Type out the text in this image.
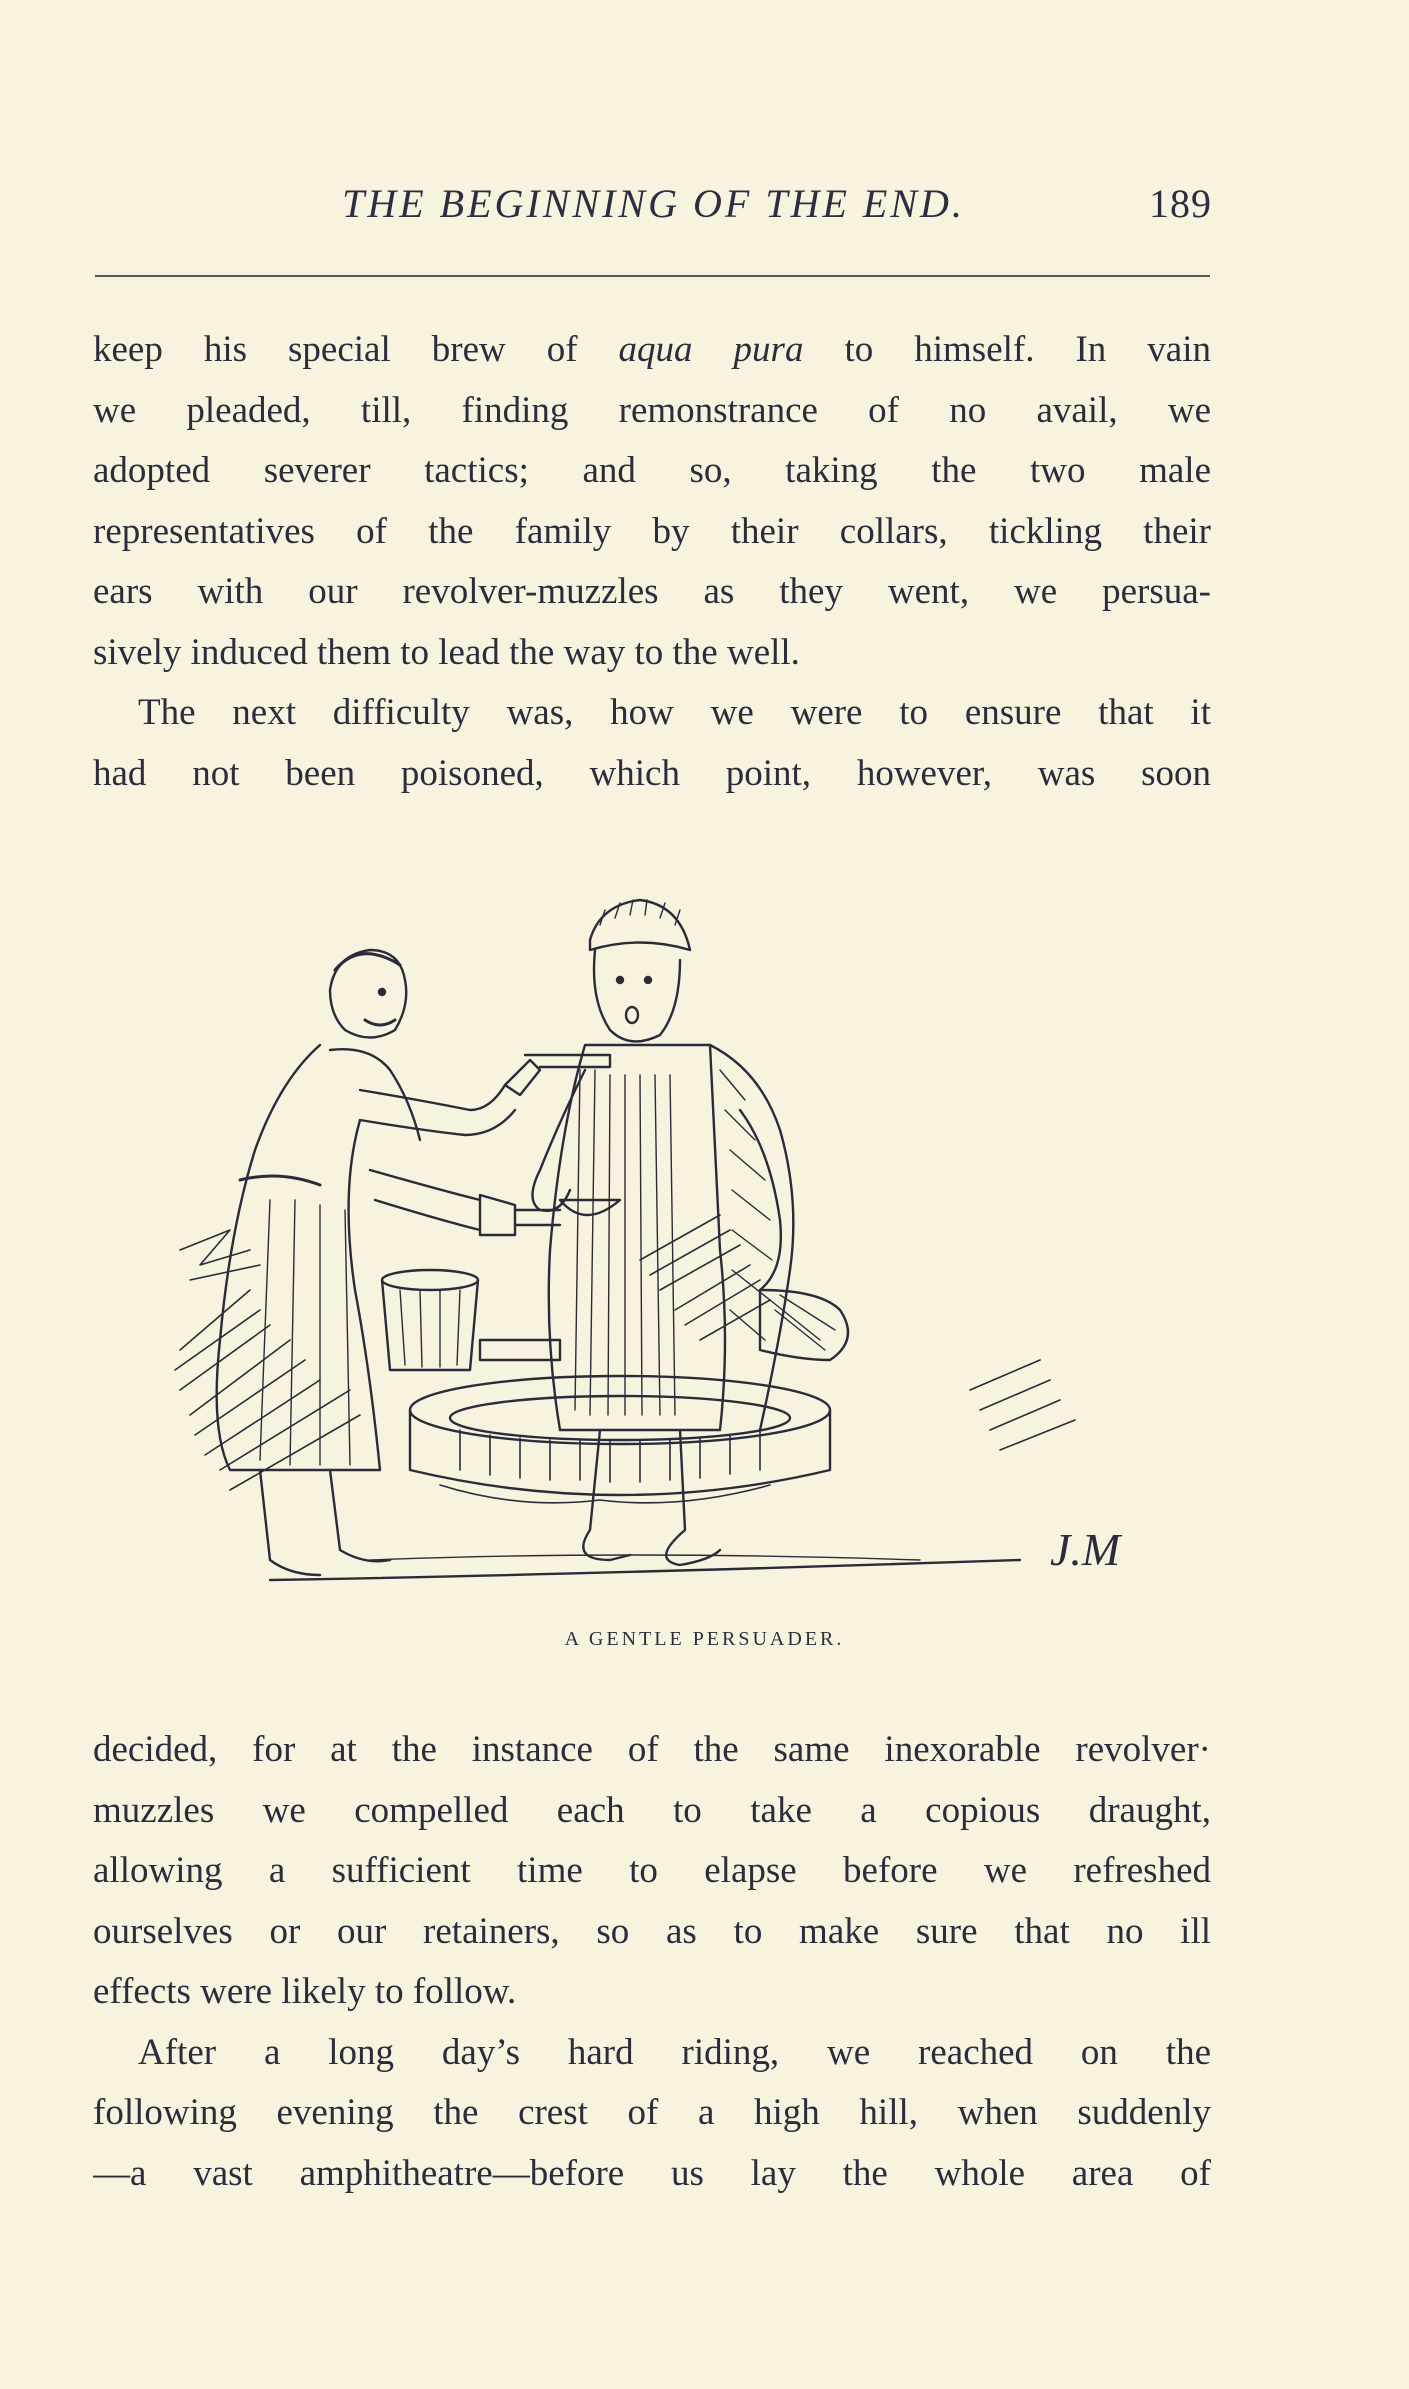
THE BEGINNING OF THE END.	189
keep his special brew of aqua pura to himself. In vain
we pleaded, till, finding remonstrance of no avail, we
adopted severer tactics; and so, taking the two male
representatives of the family by their collars, tickling their
ears with our revolver-muzzles as they went, we persua-
sively induced them to lead the way to the well.
The next difficulty was, how we were to ensure that it
had not been poisoned, which point, however, was soon
J.M
A GENTLE PERSUADER.
decided, for at the instance of the same inexorable revolver·
muzzles we compelled each to take a copious draught,
allowing a sufficient time to elapse before we refreshed
ourselves or our retainers, so as to make sure that no ill
effects were likely to follow.
After a long day’s hard riding, we reached on the
following evening the crest of a high hill, when suddenly
—a vast amphitheatre—before us lay the whole area of
